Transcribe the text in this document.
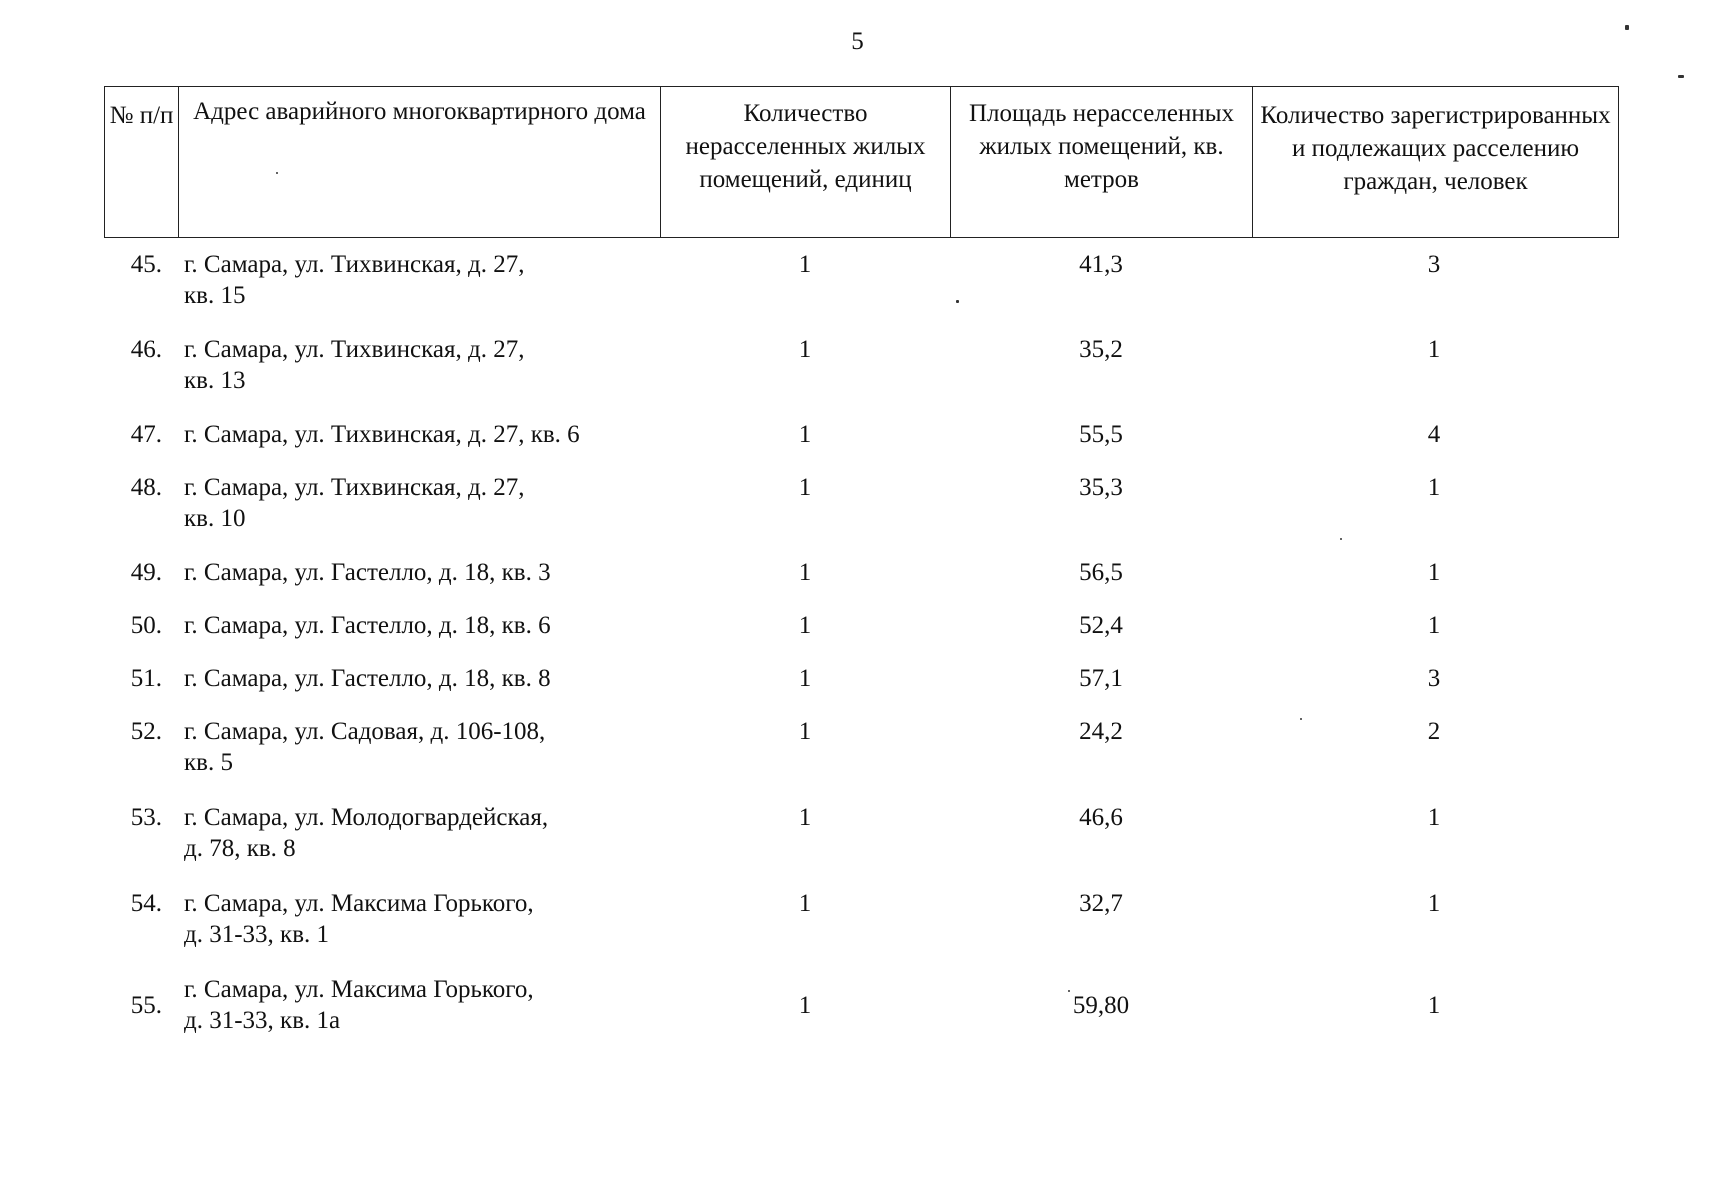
5
№ п/п	Адрес аварийного многоквартирного дома	Количество нерасселенных жилых помещений, единиц	Площадь нерасселенных жилых помещений, кв. метров	Количество зарегистрированных и подлежащих расселению граждан, человек
45. г. Самара, ул. Тихвинская, д. 27,
кв. 15
1	41,3	3
46. г. Самара, ул. Тихвинская, д. 27,
кв. 13
1	35,2	1
47. г. Самара, ул. Тихвинская, д. 27, кв. 6	1	55,5	4
48. г. Самара, ул. Тихвинская, д. 27,
кв. 10
1	35,3	1
49. г. Самара, ул. Гастелло, д. 18, кв. 3	1	56,5	1
50. г. Самара, ул. Гастелло, д. 18, кв. 6	1	52,4	1
51. г. Самара, ул. Гастелло, д. 18, кв. 8	1	57,1	3
52. г. Самара, ул. Садовая, д. 106-108,
кв. 5
1	24,2	2
53. г. Самара, ул. Молодогвардейская,
д. 78, кв. 8
1	46,6	1
54. г. Самара, ул. Максима Горького,
д. 31-33, кв. 1
1	32,7	1
55.
г. Самара, ул. Максима Горького,
д. 31-33, кв. 1а
1	59,80	1
